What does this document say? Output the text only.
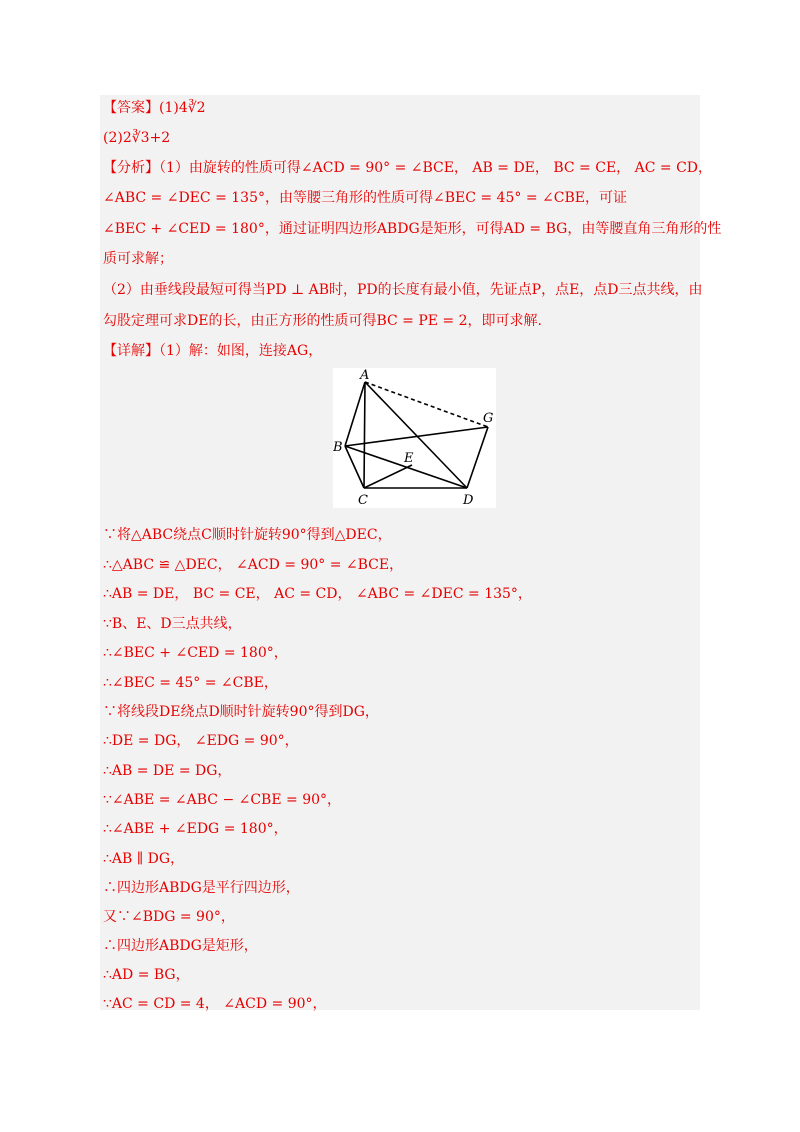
【答案】(1)4∛2
(2)2∛3+2
【分析】（1）由旋转的性质可得∠ACD = 90° = ∠BCE， AB = DE， BC = CE， AC = CD，
∠ABC = ∠DEC = 135°，由等腰三角形的性质可得∠BEC = 45° = ∠CBE，可证
∠BEC + ∠CED = 180°，通过证明四边形ABDG是矩形，可得AD = BG，由等腰直角三角形的性
质可求解；
（2）由垂线段最短可得当PD ⊥ AB时，PD的长度有最小值，先证点P，点E，点D三点共线，由
勾股定理可求DE的长，由正方形的性质可得BC = PE = 2，即可求解.
【详解】（1）解：如图，连接AG，
A
B
C	D
E
G
∵将△ABC绕点C顺时针旋转90°得到△DEC，
∴△ABC ≌ △DEC， ∠ACD = 90° = ∠BCE，
∴AB = DE， BC = CE， AC = CD， ∠ABC = ∠DEC = 135°，
∵B、E、D三点共线，
∴∠BEC + ∠CED = 180°，
∴∠BEC = 45° = ∠CBE，
∵将线段DE绕点D顺时针旋转90°得到DG，
∴DE = DG， ∠EDG = 90°，
∴AB = DE = DG，
∵∠ABE = ∠ABC − ∠CBE = 90°，
∴∠ABE + ∠EDG = 180°，
∴AB ∥ DG，
∴四边形ABDG是平行四边形，
又∵∠BDG = 90°，
∴四边形ABDG是矩形，
∴AD = BG，
∵AC = CD = 4， ∠ACD = 90°，
